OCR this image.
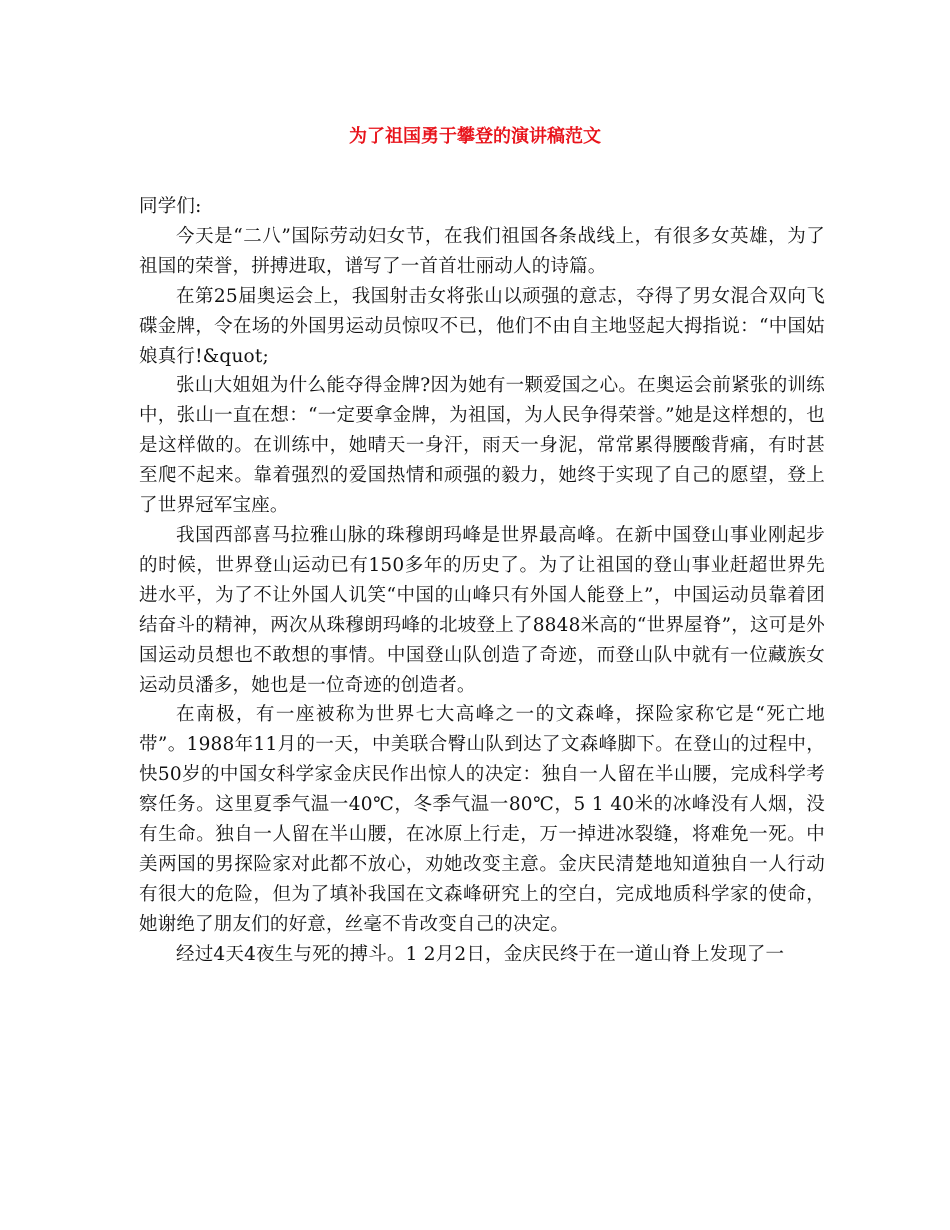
为了祖国勇于攀登的演讲稿范文

同学们:

今天是“二八”国际劳动妇女节，在我们祖国各条战线上，有很多女英雄，为了祖国的荣誉，拼搏进取，谱写了一首首壮丽动人的诗篇。

在第25届奥运会上，我国射击女将张山以顽强的意志，夺得了男女混合双向飞碟金牌，令在场的外国男运动员惊叹不已，他们不由自主地竖起大拇指说：“中国姑娘真行!&quot;

张山大姐姐为什么能夺得金牌?因为她有一颗爱国之心。在奥运会前紧张的训练中，张山一直在想：“一定要拿金牌，为祖国，为人民争得荣誉。”她是这样想的，也是这样做的。在训练中，她晴天一身汗，雨天一身泥，常常累得腰酸背痛，有时甚至爬不起来。靠着强烈的爱国热情和顽强的毅力，她终于实现了自己的愿望，登上了世界冠军宝座。

我国西部喜马拉雅山脉的珠穆朗玛峰是世界最高峰。在新中国登山事业刚起步的时候，世界登山运动已有150多年的历史了。为了让祖国的登山事业赶超世界先进水平，为了不让外国人讥笑“中国的山峰只有外国人能登上”，中国运动员靠着团结奋斗的精神，两次从珠穆朗玛峰的北坡登上了8848米高的“世界屋脊”，这可是外国运动员想也不敢想的事情。中国登山队创造了奇迹，而登山队中就有一位藏族女运动员潘多，她也是一位奇迹的创造者。

在南极，有一座被称为世界七大高峰之一的文森峰，探险家称它是“死亡地带”。1988年11月的一天，中美联合臀山队到达了文森峰脚下。在登山的过程中，快50岁的中国女科学家金庆民作出惊人的决定：独自一人留在半山腰，完成科学考察任务。这里夏季气温一40℃，冬季气温一80℃，5 1 40米的冰峰没有人烟，没有生命。独自一人留在半山腰，在冰原上行走，万一掉进冰裂缝，将难免一死。中美两国的男探险家对此都不放心，劝她改变主意。金庆民清楚地知道独自一人行动有很大的危险，但为了填补我国在文森峰研究上的空白，完成地质科学家的使命，她谢绝了朋友们的好意，丝毫不肯改变自己的决定。

经过4天4夜生与死的搏斗。1 2月2日，金庆民终于在一道山脊上发现了一
